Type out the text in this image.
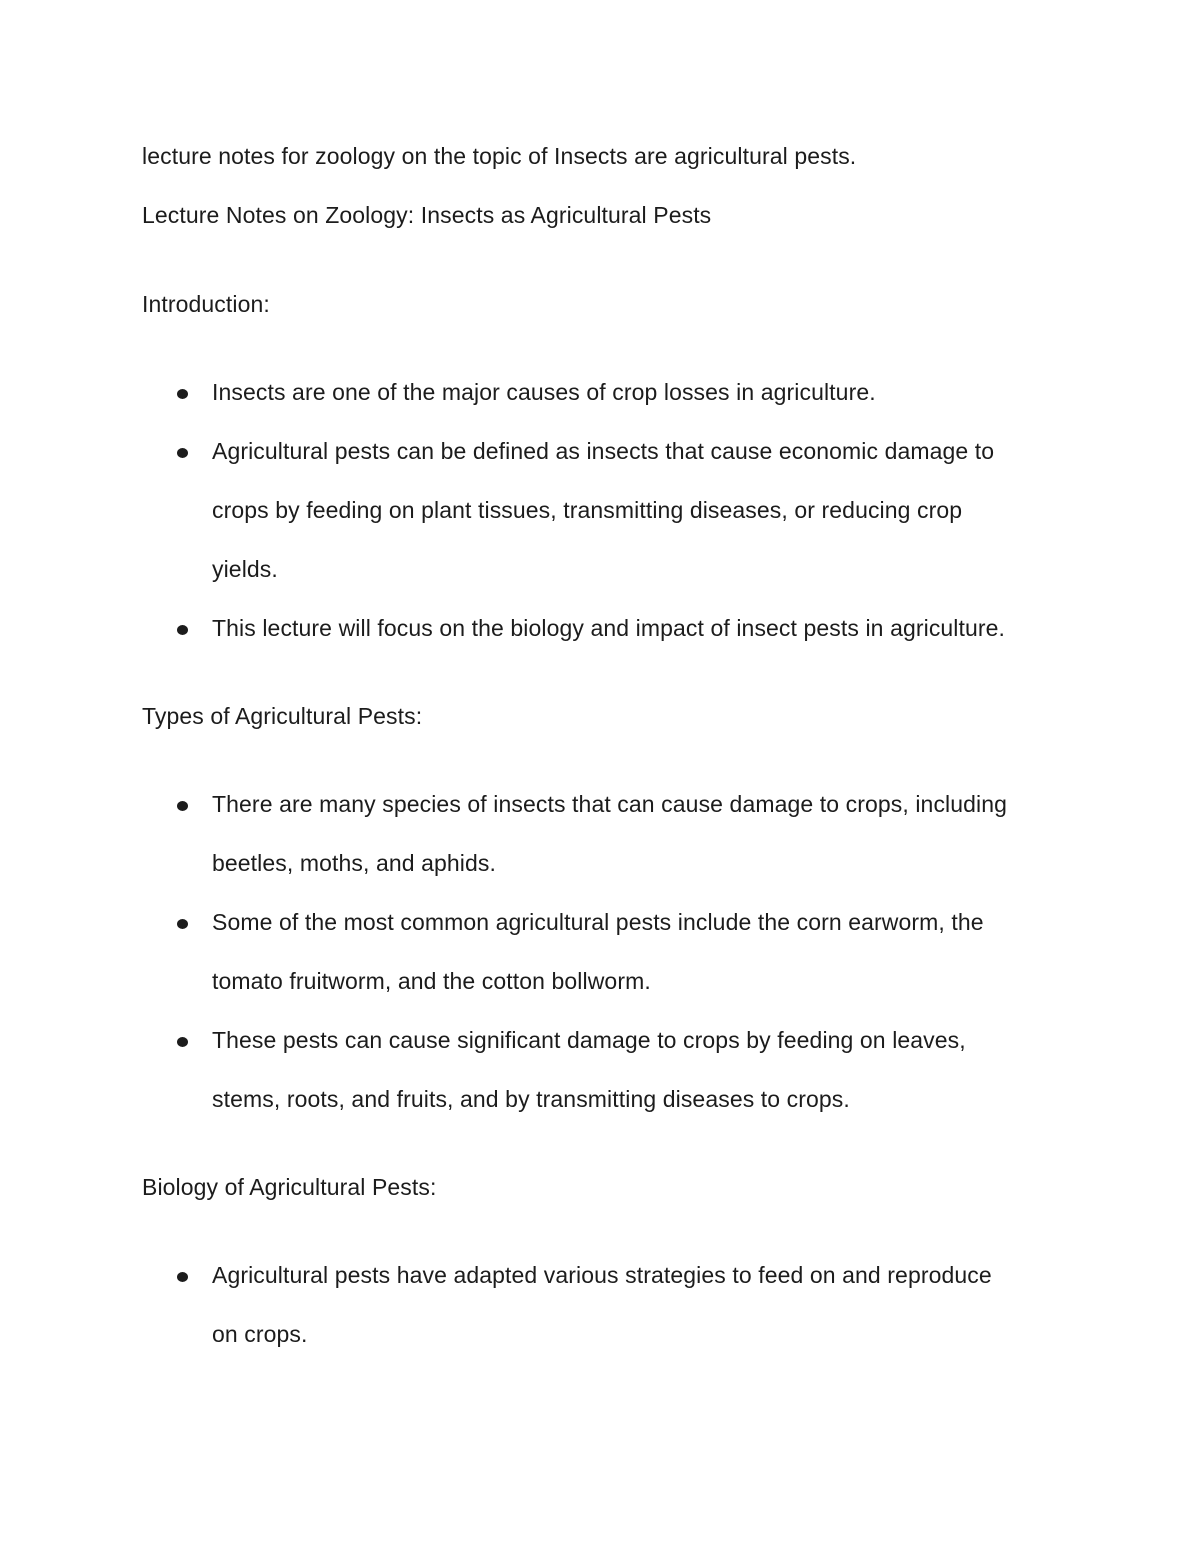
lecture notes for zoology on the topic of Insects are agricultural pests.
Lecture Notes on Zoology: Insects as Agricultural Pests
Introduction:
Insects are one of the major causes of crop losses in agriculture.
Agricultural pests can be defined as insects that cause economic damage to
crops by feeding on plant tissues, transmitting diseases, or reducing crop
yields.
This lecture will focus on the biology and impact of insect pests in agriculture.
Types of Agricultural Pests:
There are many species of insects that can cause damage to crops, including
beetles, moths, and aphids.
Some of the most common agricultural pests include the corn earworm, the
tomato fruitworm, and the cotton bollworm.
These pests can cause significant damage to crops by feeding on leaves,
stems, roots, and fruits, and by transmitting diseases to crops.
Biology of Agricultural Pests:
Agricultural pests have adapted various strategies to feed on and reproduce
on crops.
